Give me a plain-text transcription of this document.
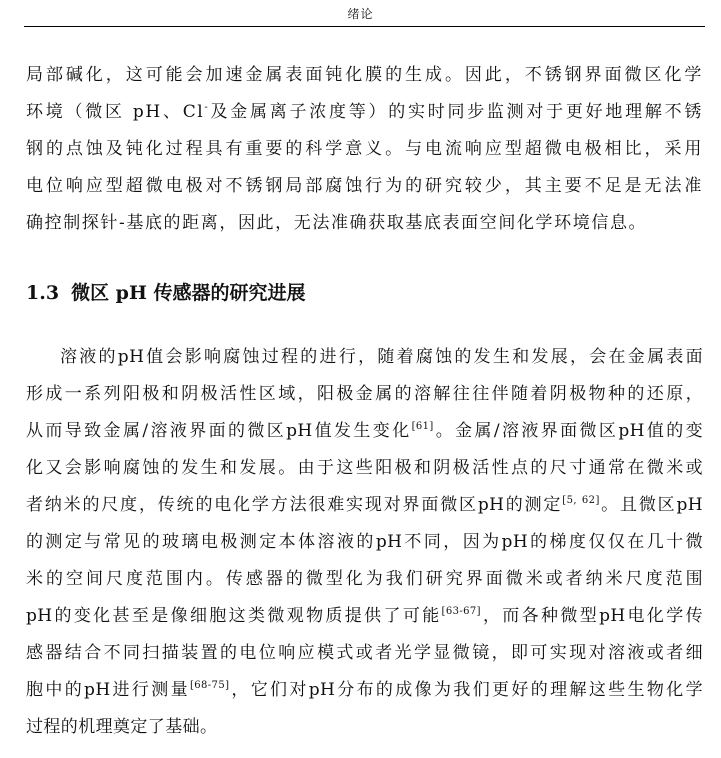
绪论
局部碱化，这可能会加速金属表面钝化膜的生成。因此，不锈钢界面微区化学
环境（微区 pH、Cl-及金属离子浓度等）的实时同步监测对于更好地理解不锈
钢的点蚀及钝化过程具有重要的科学意义。与电流响应型超微电极相比，采用
电位响应型超微电极对不锈钢局部腐蚀行为的研究较少，其主要不足是无法准
确控制探针-基底的距离，因此，无法准确获取基底表面空间化学环境信息。
1.3 微区 pH 传感器的研究进展
溶液的pH值会影响腐蚀过程的进行，随着腐蚀的发生和发展，会在金属表面
形成一系列阳极和阴极活性区域，阳极金属的溶解往往伴随着阴极物种的还原，
从而导致金属/溶液界面的微区pH值发生变化[61]。金属/溶液界面微区pH值的变
化又会影响腐蚀的发生和发展。由于这些阳极和阴极活性点的尺寸通常在微米或
者纳米的尺度，传统的电化学方法很难实现对界面微区pH的测定[5, 62]。且微区pH
的测定与常见的玻璃电极测定本体溶液的pH不同，因为pH的梯度仅仅在几十微
米的空间尺度范围内。传感器的微型化为我们研究界面微米或者纳米尺度范围
pH的变化甚至是像细胞这类微观物质提供了可能[63-67]，而各种微型pH电化学传
感器结合不同扫描装置的电位响应模式或者光学显微镜，即可实现对溶液或者细
胞中的pH进行测量[68-75]，它们对pH分布的成像为我们更好的理解这些生物化学
过程的机理奠定了基础。
